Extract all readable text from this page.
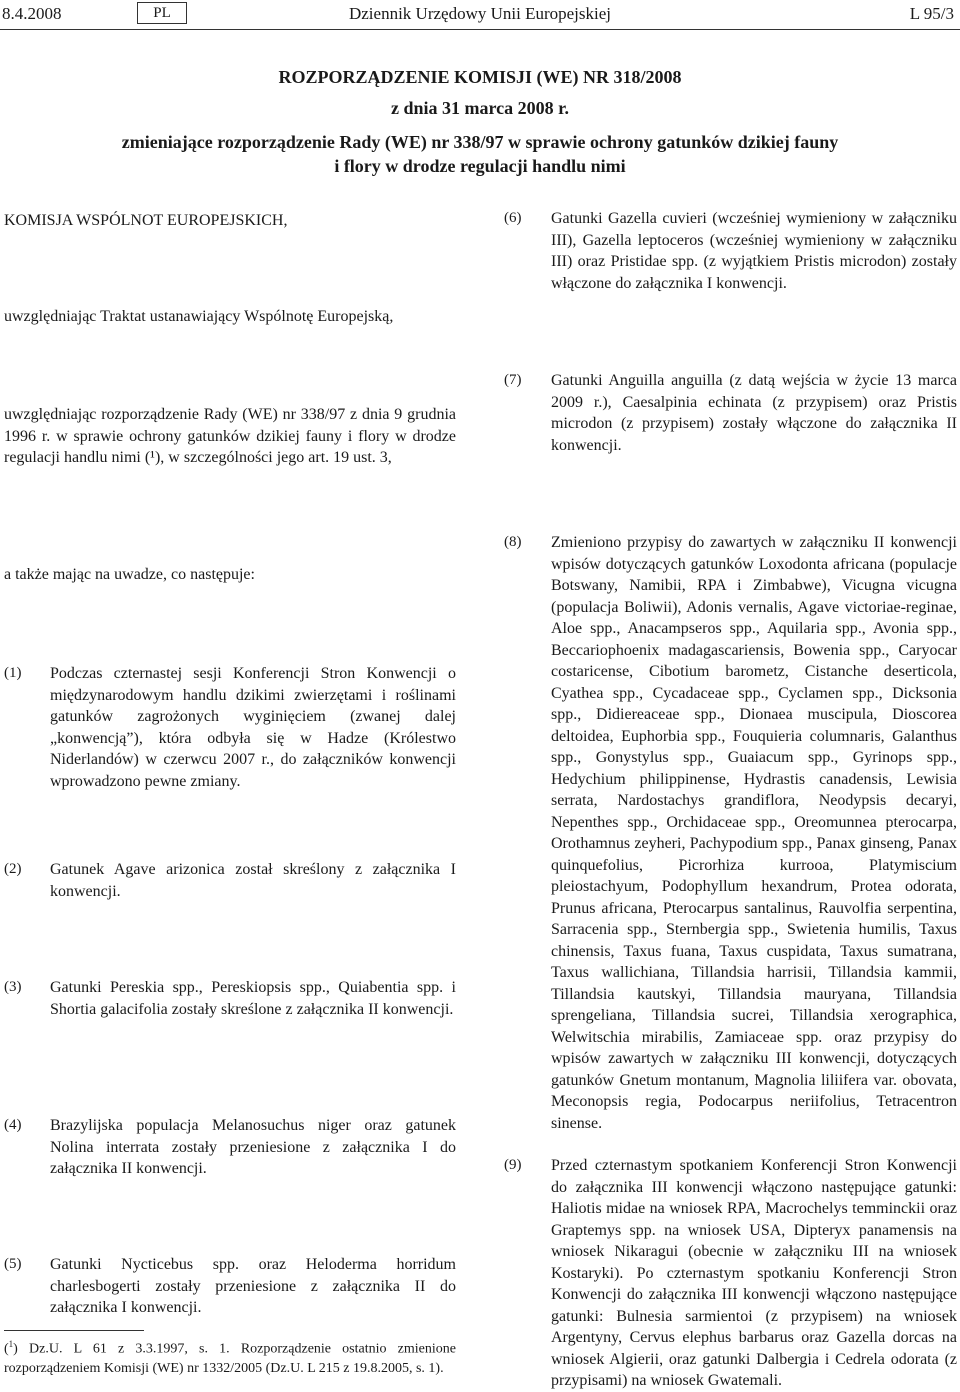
8.4.2008	PL	Dziennik Urzędowy Unii Europejskiej	L 95/3
ROZPORZĄDZENIE KOMISJI (WE) NR 318/2008
z dnia 31 marca 2008 r.
zmieniające rozporządzenie Rady (WE) nr 338/97 w sprawie ochrony gatunków dzikiej fauny
i flory w drodze regulacji handlu nimi
KOMISJA WSPÓLNOT EUROPEJSKICH,
uwzględniając Traktat ustanawiający Wspólnotę Europejską,
uwzględniając rozporządzenie Rady (WE) nr 338/97 z dnia 9 grudnia 1996 r. w sprawie ochrony gatunków dzikiej fauny i flory w drodze regulacji handlu nimi (¹), w szczególności jego art. 19 ust. 3,
a także mając na uwadze, co następuje:
(1) Podczas czternastej sesji Konferencji Stron Konwencji o międzynarodowym handlu dzikimi zwierzętami i roślinami gatunków zagrożonych wyginięciem (zwanej dalej „konwencją”), która odbyła się w Hadze (Królestwo Niderlandów) w czerwcu 2007 r., do załączników konwencji wprowadzono pewne zmiany.
(2) Gatunek Agave arizonica został skreślony z załącznika I konwencji.
(3) Gatunki Pereskia spp., Pereskiopsis spp., Quiabentia spp. i Shortia galacifolia zostały skreślone z załącznika II konwencji.
(4) Brazylijska populacja Melanosuchus niger oraz gatunek Nolina interrata zostały przeniesione z załącznika I do załącznika II konwencji.
(5) Gatunki Nycticebus spp. oraz Heloderma horridum charlesbogerti zostały przeniesione z załącznika II do załącznika I konwencji.
(6) Gatunki Gazella cuvieri (wcześniej wymieniony w załączniku III), Gazella leptoceros (wcześniej wymieniony w załączniku III) oraz Pristidae spp. (z wyjątkiem Pristis microdon) zostały włączone do załącznika I konwencji.
(7) Gatunki Anguilla anguilla (z datą wejścia w życie 13 marca 2009 r.), Caesalpinia echinata (z przypisem) oraz Pristis microdon (z przypisem) zostały włączone do załącznika II konwencji.
(8) Zmieniono przypisy do zawartych w załączniku II konwencji wpisów dotyczących gatunków Loxodonta africana (populacje Botswany, Namibii, RPA i Zimbabwe), Vicugna vicugna (populacja Boliwii), Adonis vernalis, Agave victoriae-reginae, Aloe spp., Anacampseros spp., Aquilaria spp., Avonia spp., Beccariophoenix madagascariensis, Bowenia spp., Caryocar costaricense, Cibotium barometz, Cistanche deserticola, Cyathea spp., Cycadaceae spp., Cyclamen spp., Dicksonia spp., Didiereaceae spp., Dionaea muscipula, Dioscorea deltoidea, Euphorbia spp., Fouquieria columnaris, Galanthus spp., Gonystylus spp., Guaiacum spp., Gyrinops spp., Hedychium philippinense, Hydrastis canadensis, Lewisia serrata, Nardostachys grandiflora, Neodypsis decaryi, Nepenthes spp., Orchidaceae spp., Oreomunnea pterocarpa, Orothamnus zeyheri, Pachypodium spp., Panax ginseng, Panax quinquefolius, Picrorhiza kurrooa, Platymiscium pleiostachyum, Podophyllum hexandrum, Protea odorata, Prunus africana, Pterocarpus santalinus, Rauvolfia serpentina, Sarracenia spp., Sternbergia spp., Swietenia humilis, Taxus chinensis, Taxus fuana, Taxus cuspidata, Taxus sumatrana, Taxus wallichiana, Tillandsia harrisii, Tillandsia kammii, Tillandsia kautskyi, Tillandsia mauryana, Tillandsia sprengeliana, Tillandsia sucrei, Tillandsia xerographica, Welwitschia mirabilis, Zamiaceae spp. oraz przypisy do wpisów zawartych w załączniku III konwencji, dotyczących gatunków Gnetum montanum, Magnolia liliifera var. obovata, Meconopsis regia, Podocarpus neriifolius, Tetracentron sinense.
(9) Przed czternastym spotkaniem Konferencji Stron Konwencji do załącznika III konwencji włączono następujące gatunki: Haliotis midae na wniosek RPA, Macrochelys temminckii oraz Graptemys spp. na wniosek USA, Dipteryx panamensis na wniosek Nikaragui (obecnie w załączniku III na wniosek Kostaryki). Po czternastym spotkaniu Konferencji Stron Konwencji do załącznika III konwencji włączono następujące gatunki: Bulnesia sarmientoi (z przypisem) na wniosek Argentyny, Cervus elephus barbarus oraz Gazella dorcas na wniosek Algierii, oraz gatunki Dalbergia i Cedrela odorata (z przypisami) na wniosek Gwatemali.
($^1$) Dz.U. L 61 z 3.3.1997, s. 1. Rozporządzenie ostatnio zmienione rozporządzeniem Komisji (WE) nr 1332/2005 (Dz.U. L 215 z 19.8.2005, s. 1).
